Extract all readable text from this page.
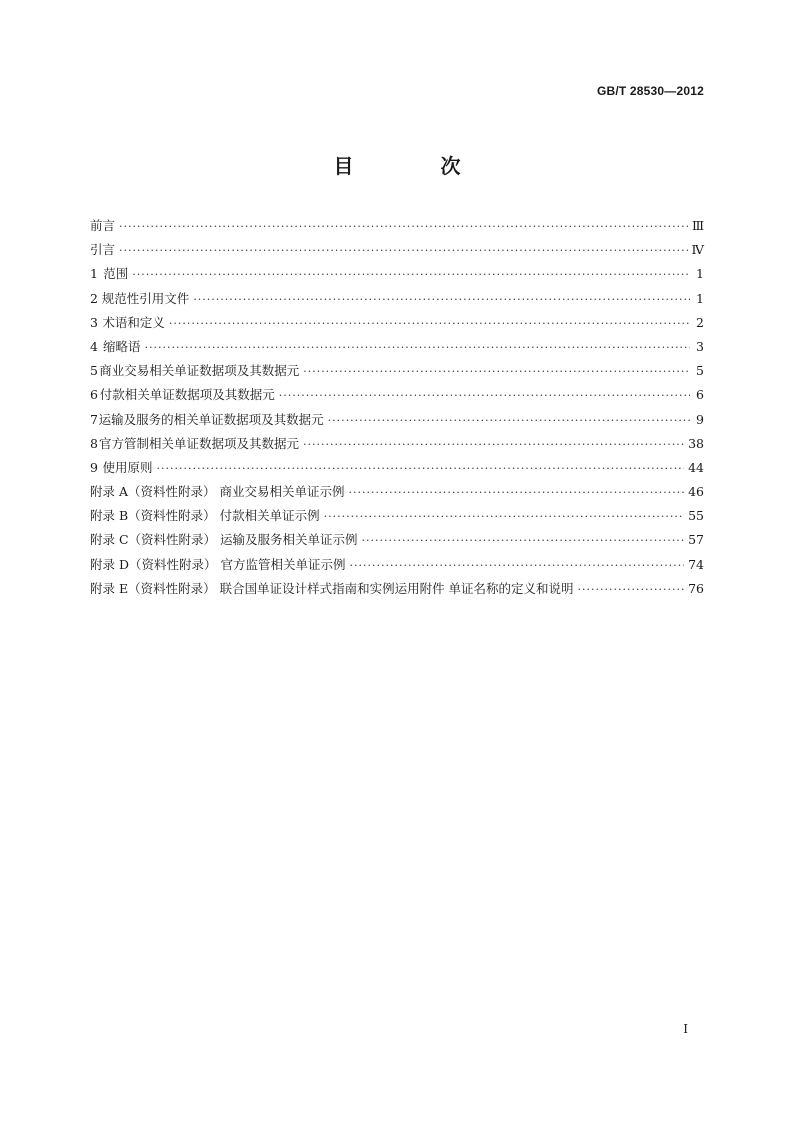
GB/T 28530—2012
目 次
前言 ·····	Ⅲ
引言 ·····	Ⅳ
1 范围 ·····	1
2 规范性引用文件 ·····	1
3 术语和定义 ·····	2
4 缩略语 ·····	3
5 商业交易相关单证数据项及其数据元 ·····	5
6 付款相关单证数据项及其数据元 ·····	6
7 运输及服务的相关单证数据项及其数据元 ·····	9
8 官方管制相关单证数据项及其数据元 ·····	38
9 使用原则 ·····	44
附录 A（资料性附录） 商业交易相关单证示例 ·····	46
附录 B（资料性附录） 付款相关单证示例 ·····	55
附录 C（资料性附录） 运输及服务相关单证示例 ·····	57
附录 D（资料性附录） 官方监管相关单证示例 ·····	74
附录 E（资料性附录） 联合国单证设计样式指南和实例运用附件 单证名称的定义和说明 ·····	76
I
